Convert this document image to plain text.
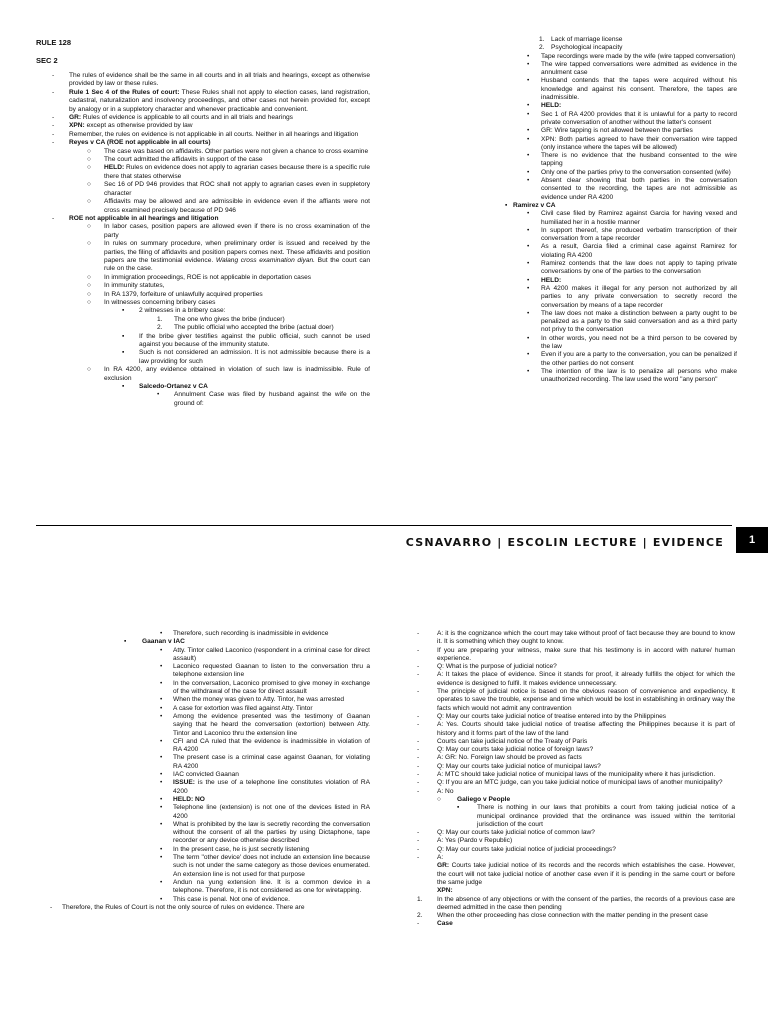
RULE 128
SEC 2
- The rules of evidence shall be the same in all courts and in all trials and hearings, except as otherwise provided by law or these rules.
- Rule 1 Sec 4 of the Rules of court: These Rules shall not apply to election cases, land registration, cadastral, naturalization and insolvency proceedings, and other cases not herein provided for, except by analogy or in a suppletory character and whenever practicable and convenient.
- GR: Rules of evidence is applicable to all courts and in all trials and hearings
- XPN: except as otherwise provided by law
- Remember, the rules on evidence is not applicable in all courts. Neither in all hearings and litigation
- Reyes v CA (ROE not applicable in all courts)
○ The case was based on affidavits. Other parties were not given a chance to cross examine
○ The court admitted the affidavits in support of the case
○ HELD: Rules on evidence does not apply to agrarian cases because there is a specific rule there that states otherwise
○ Sec 16 of PD 946 provides that ROC shall not apply to agrarian cases even in suppletory character
○ Affidavits may be allowed and are admissible in evidence even if the affiants were not cross examined precisely because of PD 946
- ROE not applicable in all hearings and litigation
○ In labor cases, position papers are allowed even if there is no cross examination of the party
○ In rules on summary procedure, when preliminary order is issued and received by the parties, the filing of affidavits and position papers comes next. These affidavits and position papers are the testimonial evidence. Walang cross examination diyan. But the court can rule on the case.
○ In immigration proceedings, ROE is not applicable in deportation cases
○ In immunity statutes,
○ In RA 1379, forfeiture of unlawfully acquired properties
○ In witnesses concerning bribery cases
▪ 2 witnesses in a bribery case:
1. The one who gives the bribe (inducer)
2. The public official who accepted the bribe (actual doer)
▪ If the bribe giver testifies against the public official, such cannot be used against you because of the immunity statute.
▪ Such is not considered an admission. It is not admissible because there is a law providing for such
○ In RA 4200, any evidence obtained in violation of such law is inadmissible. Rule of exclusion
▪ Salcedo-Ortanez v CA
• Annulment Case was filed by husband against the wife on the ground of:
1. Lack of marriage license
2. Psychological incapacity
• Tape recordings were made by the wife (wire tapped conversation)
• The wire tapped conversations were admitted as evidence in the annulment case
• Husband contends that the tapes were acquired without his knowledge and against his consent. Therefore, the tapes are inadmissible.
• HELD:
• Sec 1 of RA 4200 provides that it is unlawful for a party to record private conversation of another without the latter's consent
• GR: Wire tapping is not allowed between the parties
• XPN: Both parties agreed to have their conversation wire tapped (only instance where the tapes will be allowed)
• There is no evidence that the husband consented to the wire tapping
• Only one of the parties privy to the conversation consented (wife)
• Absent clear showing that both parties in the conversation consented to the recording, the tapes are not admissible as evidence under RA 4200
▪ Ramirez v CA
• Civil case filed by Ramirez against Garcia for having vexed and humiliated her in a hostile manner
• In support thereof, she produced verbatim transcription of their conversation from a tape recorder
• As a result, Garcia filed a criminal case against Ramirez for violating RA 4200
• Ramirez contends that the law does not apply to taping private conversations by one of the parties to the conversation
• HELD:
• RA 4200 makes it illegal for any person not authorized by all parties to any private conversation to secretly record the conversation by means of a tape recorder
• The law does not make a distinction between a party ought to be penalized as a party to the said conversation and as a third party not privy to the conversation
• In other words, you need not be a third person to be covered by the law
• Even if you are a party to the conversation, you can be penalized if the other parties do not consent
• The intention of the law is to penalize all persons who make unauthorized recording. The law used the word "any person"
CSNAVARRO | ESCOLIN LECTURE | EVIDENCE	1
• Therefore, such recording is inadmissible in evidence
▪ Gaanan v IAC
• Atty. Tintor called Laconico (respondent in a criminal case for direct assault)
• Laconico requested Gaanan to listen to the conversation thru a telephone extension line
• In the conversation, Laconico promised to give money in exchange of the withdrawal of the case for direct assault
• When the money was given to Atty. Tintor, he was arrested
• A case for extortion was filed against Atty. Tintor
• Among the evidence presented was the testimony of Gaanan saying that he heard the conversation (extortion) between Atty. Tintor and Laconico thru the extension line
• CFI and CA ruled that the evidence is inadmissible in violation of RA 4200
• The present case is a criminal case against Gaanan, for violating RA 4200
• IAC convicted Gaanan
• ISSUE: is the use of a telephone line constitutes violation of RA 4200
• HELD: NO
• Telephone line (extension) is not one of the devices listed in RA 4200
• What is prohibited by the law is secretly recording the conversation without the consent of all the parties by using Dictaphone, tape recorder or any device otherwise described
• In the present case, he is just secretly listening
• The term "other device' does not include an extension line because such is not under the same category as those devices enumerated. An extension line is not used for that purpose
• Andun na yung extension line. It is a common device in a telephone. Therefore, it is not considered as one for wiretapping.
• This case is penal. Not one of evidence.
- Therefore, the Rules of Court is not the only source of rules on evidence. There are
-	A: it is the cognizance which the court may take without proof of fact because they are bound to know it. It is something which they ought to know.
-	If you are preparing your witness, make sure that his testimony is in accord with nature/ human experience.
-	Q: What is the purpose of judicial notice?
-	A: It takes the place of evidence. Since it stands for proof, it already fulfills the object for which the evidence is designed to fulfil. It makes evidence unnecessary.
-	The principle of judicial notice is based on the obvious reason of convenience and expediency. It operates to save the trouble, expense and time which would be lost in establishing in ordinary way the facts which would not admit any contravention
-	Q: May our courts take judicial notice of treatise entered into by the Philippines
-	A: Yes. Courts should take judicial notice of treatise affecting the Philippines because it is part of history and it forms part of the law of the land
-	Courts can take judicial notice of the Treaty of Paris
-	Q: May our courts take judicial notice of foreign laws?
-	A: GR: No. Foreign law should be proved as facts
-	Q: May our courts take judicial notice of municipal laws?
-	A: MTC should take judicial notice of municipal laws of the municipality where it has jurisdiction.
-	Q: If you are an MTC judge, can you take judicial notice of municipal laws of another municipality?
-	A: No
○ Galiego v People
▪	There is nothing in our laws that prohibits a court from taking judicial notice of a municipal ordinance provided that the ordinance was issued within the territorial jurisdiction of the court
-	Q: May our courts take judicial notice of common law?
-	A: Yes (Pardo v Republic)
-	Q: May our courts take judicial notice of judicial proceedings?
-	A:
GR: Courts take judicial notice of its records and the records which establishes the case. However, the court will not take judicial notice of another case even if it is pending in the same court or before the same judge
XPN:
1. In the absence of any objections or with the consent of the parties, the records of a previous case are deemed admitted in the case then pending
2. When the other proceeding has close connection with the matter pending in the present case
-	Case
